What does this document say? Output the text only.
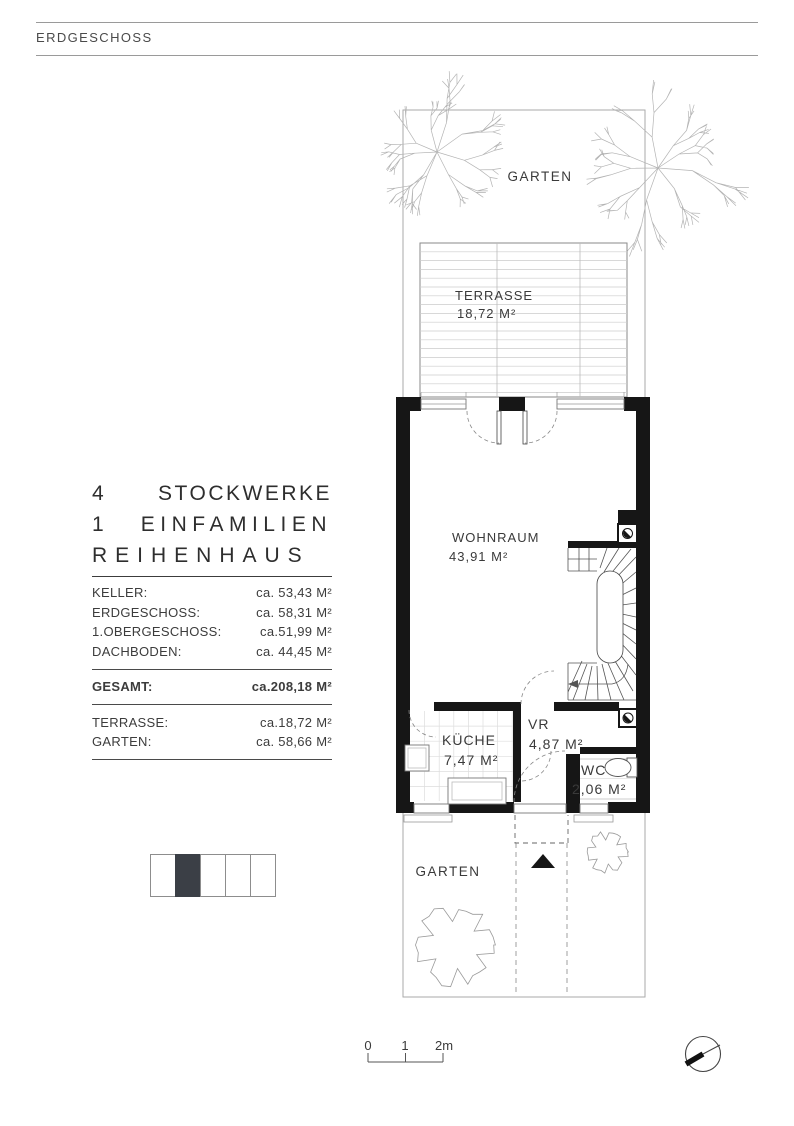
ERDGESCHOSS
4	STOCKWERKE
1 EINFAMILIEN
REIHENHAUS
KELLER:	ca. 53,43 M²
ERDGESCHOSS:	ca. 58,31 M²
1.OBERGESCHOSS:	ca.51,99 M²
DACHBODEN:	ca. 44,45 M²
GESAMT:	ca.208,18 M²
TERRASSE:	ca.18,72 M²
GARTEN:	ca. 58,66 M²
0 1 2m
GARTEN
GARTEN
TERRASSE
18,72 M²
WOHNRAUM
43,91 M²
KÜCHE
7,47 M²
VR
4,87 M²
WC
2,06 M²
